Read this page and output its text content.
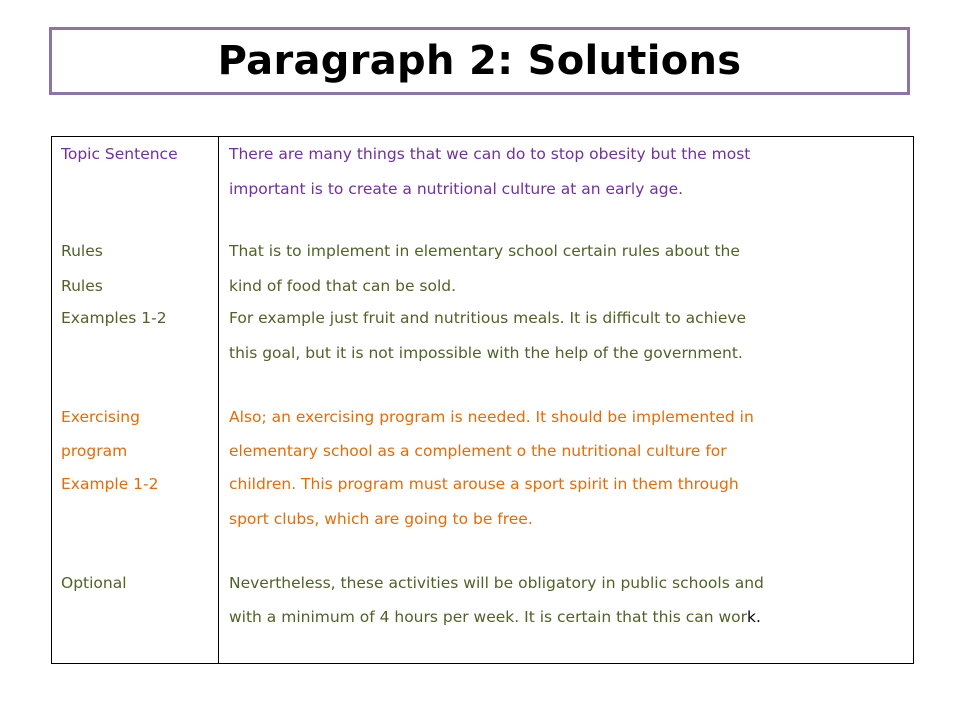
Paragraph 2: Solutions
Topic Sentence
Rules
Rules
Examples 1-2
Exercising
program
Example 1-2
Optional
There are many things that we can do to stop obesity but the most
important is to create a nutritional culture at an early age.
That is to implement in elementary school certain rules about the
kind of food that can be sold.
For example just fruit and nutritious meals. It is difficult to achieve
this goal, but it is not impossible with the help of the government.
Also; an exercising program is needed. It should be implemented in
elementary school as a complement o the nutritional culture for
children. This program must arouse a sport spirit in them through
sport clubs, which are going to be free.
Nevertheless, these activities will be obligatory in public schools and
with a minimum of 4 hours per week. It is certain that this can work.
